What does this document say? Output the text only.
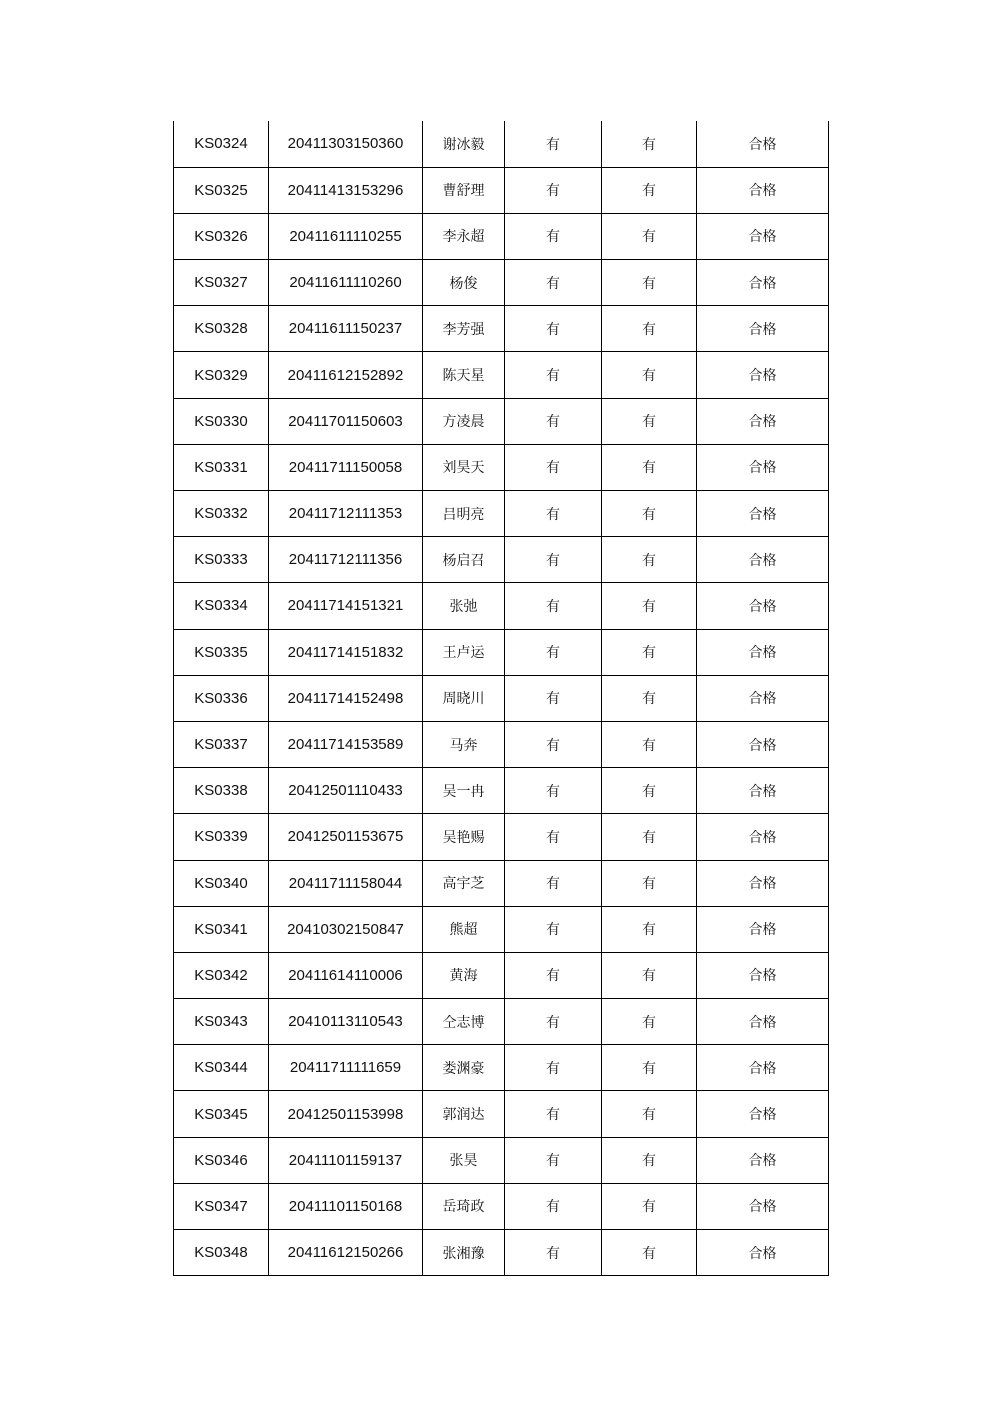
KS0324	20411303150360	谢冰毅	有	有	合格
KS0325	20411413153296	曹舒理	有	有	合格
KS0326	20411611110255	李永超	有	有	合格
KS0327	20411611110260	杨俊	有	有	合格
KS0328	20411611150237	李芳强	有	有	合格
KS0329	20411612152892	陈天星	有	有	合格
KS0330	20411701150603	方凌晨	有	有	合格
KS0331	20411711150058	刘昊天	有	有	合格
KS0332	20411712111353	吕明亮	有	有	合格
KS0333	20411712111356	杨启召	有	有	合格
KS0334	20411714151321	张弛	有	有	合格
KS0335	20411714151832	王卢运	有	有	合格
KS0336	20411714152498	周晓川	有	有	合格
KS0337	20411714153589	马奔	有	有	合格
KS0338	20412501110433	吴一冉	有	有	合格
KS0339	20412501153675	吴艳赐	有	有	合格
KS0340	20411711158044	高宇芝	有	有	合格
KS0341	20410302150847	熊超	有	有	合格
KS0342	20411614110006	黄海	有	有	合格
KS0343	20410113110543	仝志博	有	有	合格
KS0344	20411711111659	娄渊豪	有	有	合格
KS0345	20412501153998	郭润达	有	有	合格
KS0346	20411101159137	张昊	有	有	合格
KS0347	20411101150168	岳琦政	有	有	合格
KS0348	20411612150266	张湘豫	有	有	合格
